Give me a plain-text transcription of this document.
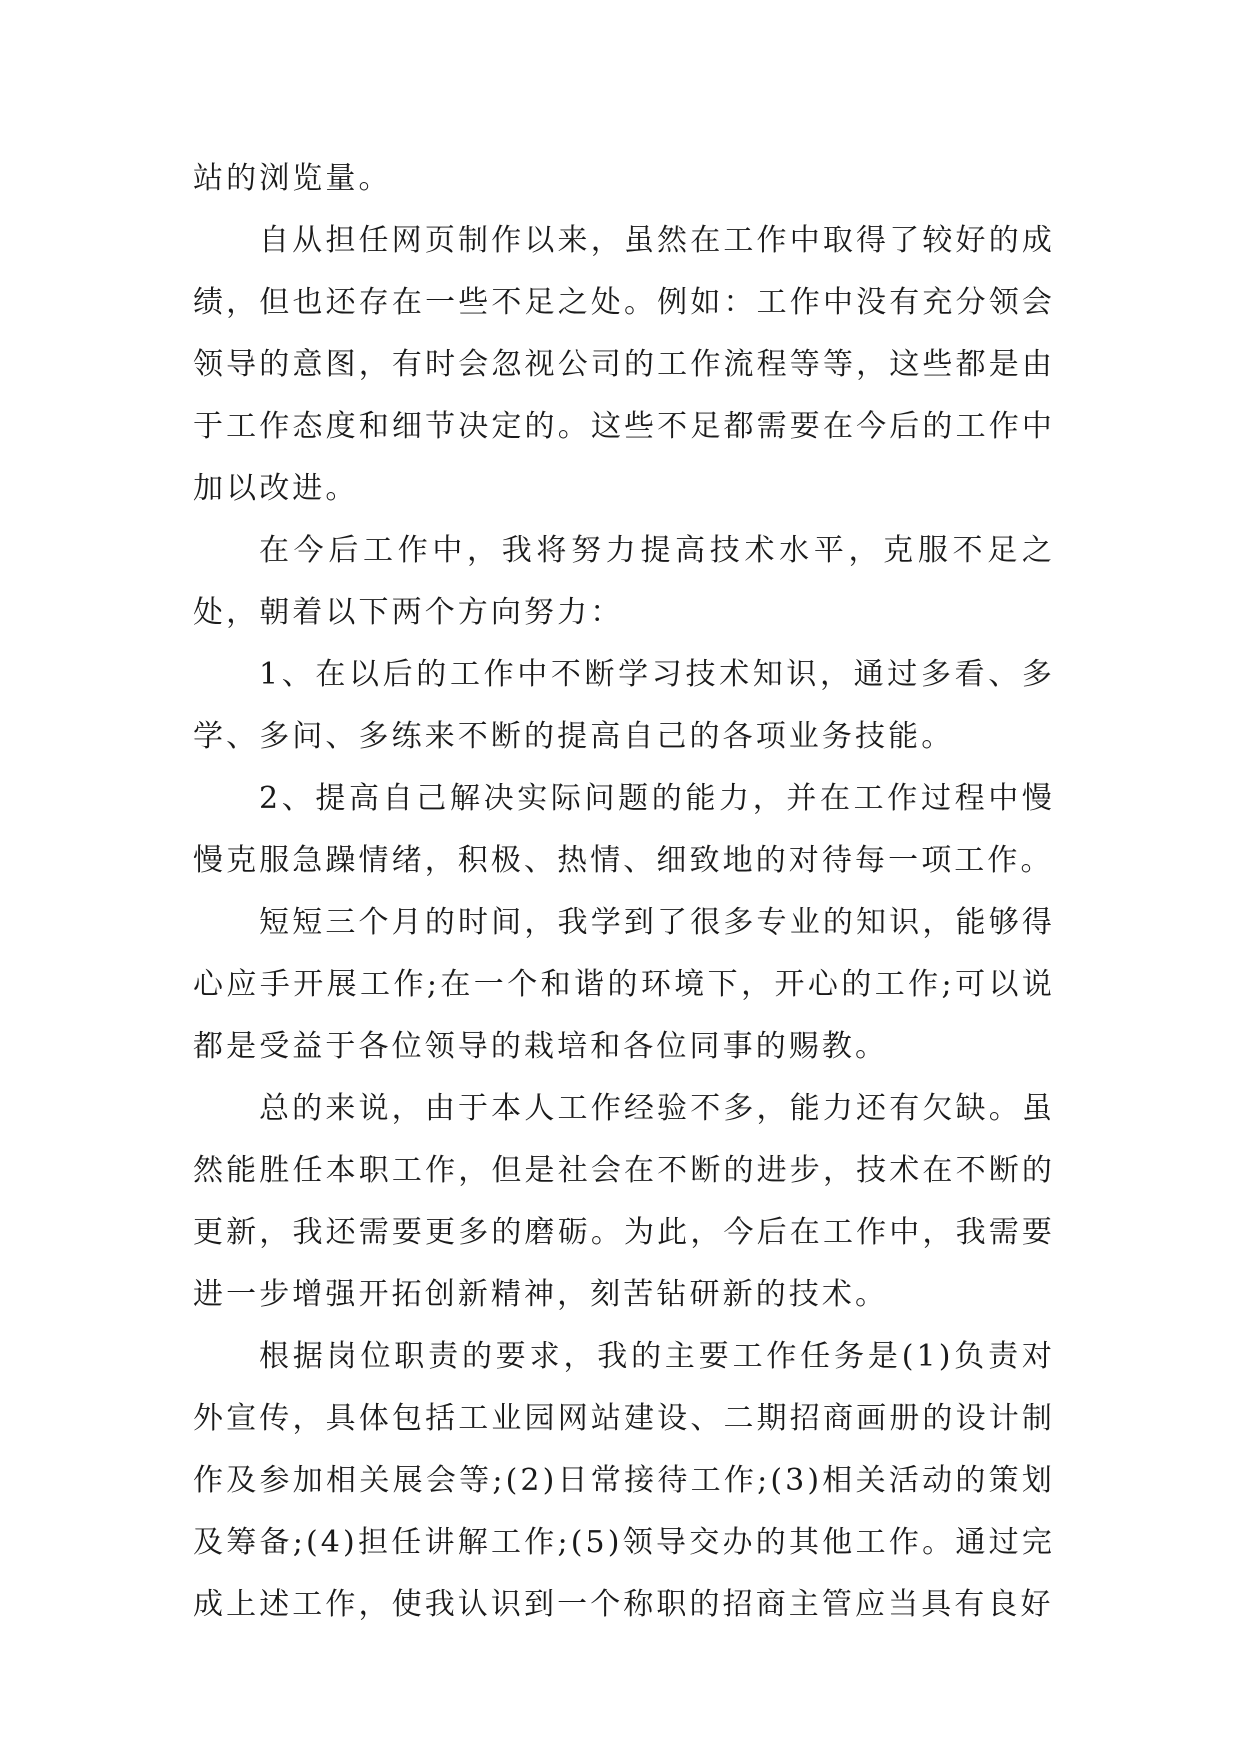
站的浏览量。

自从担任网页制作以来，虽然在工作中取得了较好的成绩，但也还存在一些不足之处。例如：工作中没有充分领会领导的意图，有时会忽视公司的工作流程等等，这些都是由于工作态度和细节决定的。这些不足都需要在今后的工作中加以改进。

在今后工作中，我将努力提高技术水平，克服不足之处，朝着以下两个方向努力：

1、在以后的工作中不断学习技术知识，通过多看、多学、多问、多练来不断的提高自己的各项业务技能。

2、提高自己解决实际问题的能力，并在工作过程中慢慢克服急躁情绪，积极、热情、细致地的对待每一项工作。

短短三个月的时间，我学到了很多专业的知识，能够得心应手开展工作;在一个和谐的环境下，开心的工作;可以说都是受益于各位领导的栽培和各位同事的赐教。

总的来说，由于本人工作经验不多，能力还有欠缺。虽然能胜任本职工作，但是社会在不断的进步，技术在不断的更新，我还需要更多的磨砺。为此，今后在工作中，我需要进一步增强开拓创新精神，刻苦钻研新的技术。

根据岗位职责的要求，我的主要工作任务是(1)负责对外宣传，具体包括工业园网站建设、二期招商画册的设计制作及参加相关展会等;(2)日常接待工作;(3)相关活动的策划及筹备;(4)担任讲解工作;(5)领导交办的其他工作。通过完成上述工作，使我认识到一个称职的招商主管应当具有良好
